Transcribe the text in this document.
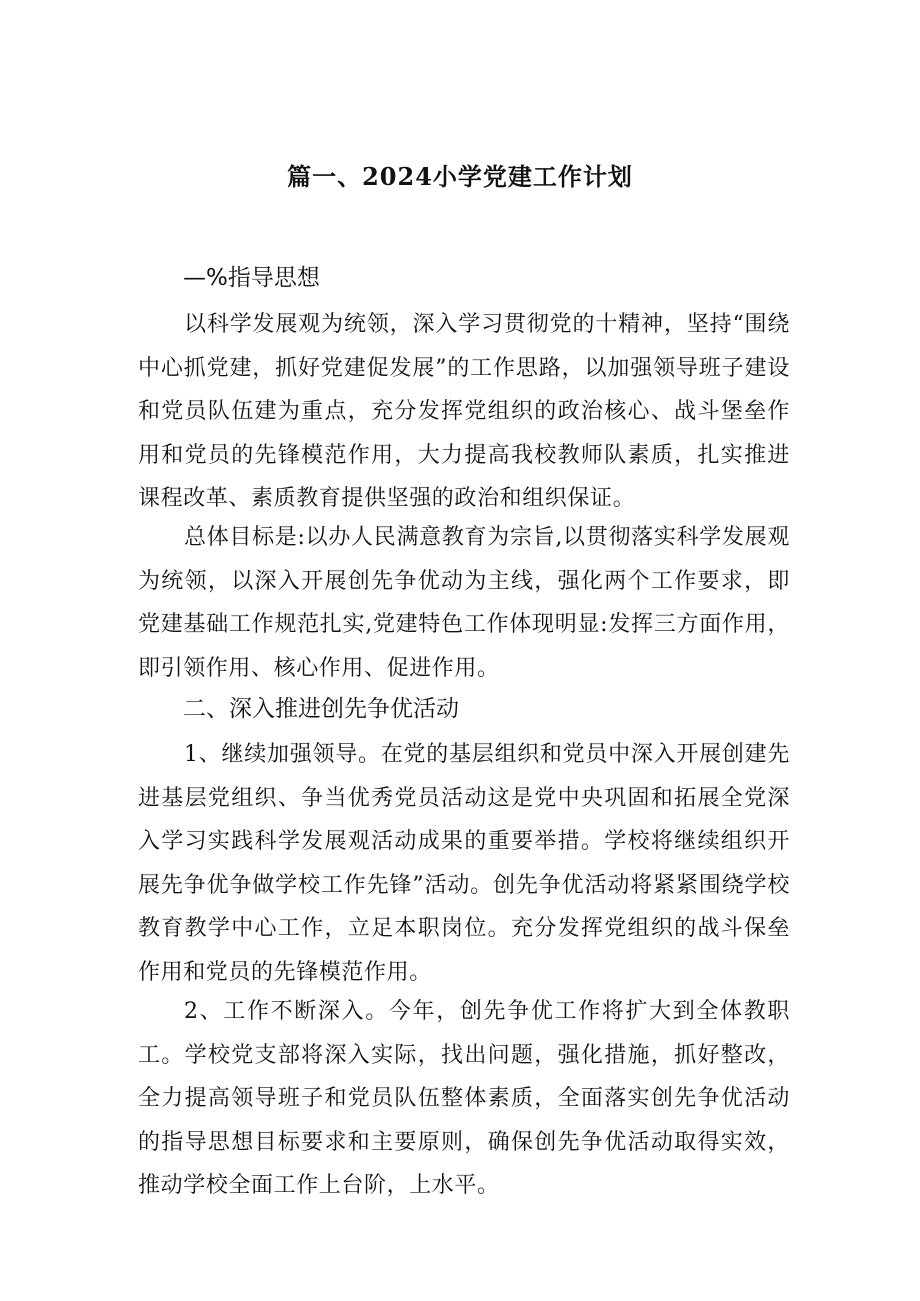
篇一、2024小学党建工作计划
—%指导思想

以科学发展观为统领，深入学习贯彻党的十精神，坚持“围绕中心抓党建，抓好党建促发展”的工作思路，以加强领导班子建设和党员队伍建为重点，充分发挥党组织的政治核心、战斗堡垒作用和党员的先锋模范作用，大力提高我校教师队素质，扎实推进课程改革、素质教育提供坚强的政治和组织保证。

总体目标是:以办人民满意教育为宗旨,以贯彻落实科学发展观为统领，以深入开展创先争优动为主线，强化两个工作要求，即党建基础工作规范扎实,党建特色工作体现明显:发挥三方面作用，即引领作用、核心作用、促进作用。

二、深入推进创先争优活动

1、继续加强领导。在党的基层组织和党员中深入开展创建先进基层党组织、争当优秀党员活动这是党中央巩固和拓展全党深入学习实践科学发展观活动成果的重要举措。学校将继续组织开展先争优争做学校工作先锋”活动。创先争优活动将紧紧围绕学校教育教学中心工作，立足本职岗位。充分发挥党组织的战斗保垒作用和党员的先锋模范作用。

2、工作不断深入。今年，创先争优工作将扩大到全体教职工。学校党支部将深入实际，找出问题，强化措施，抓好整改，全力提高领导班子和党员队伍整体素质，全面落实创先争优活动的指导思想目标要求和主要原则，确保创先争优活动取得实效，推动学校全面工作上台阶，上水平。
